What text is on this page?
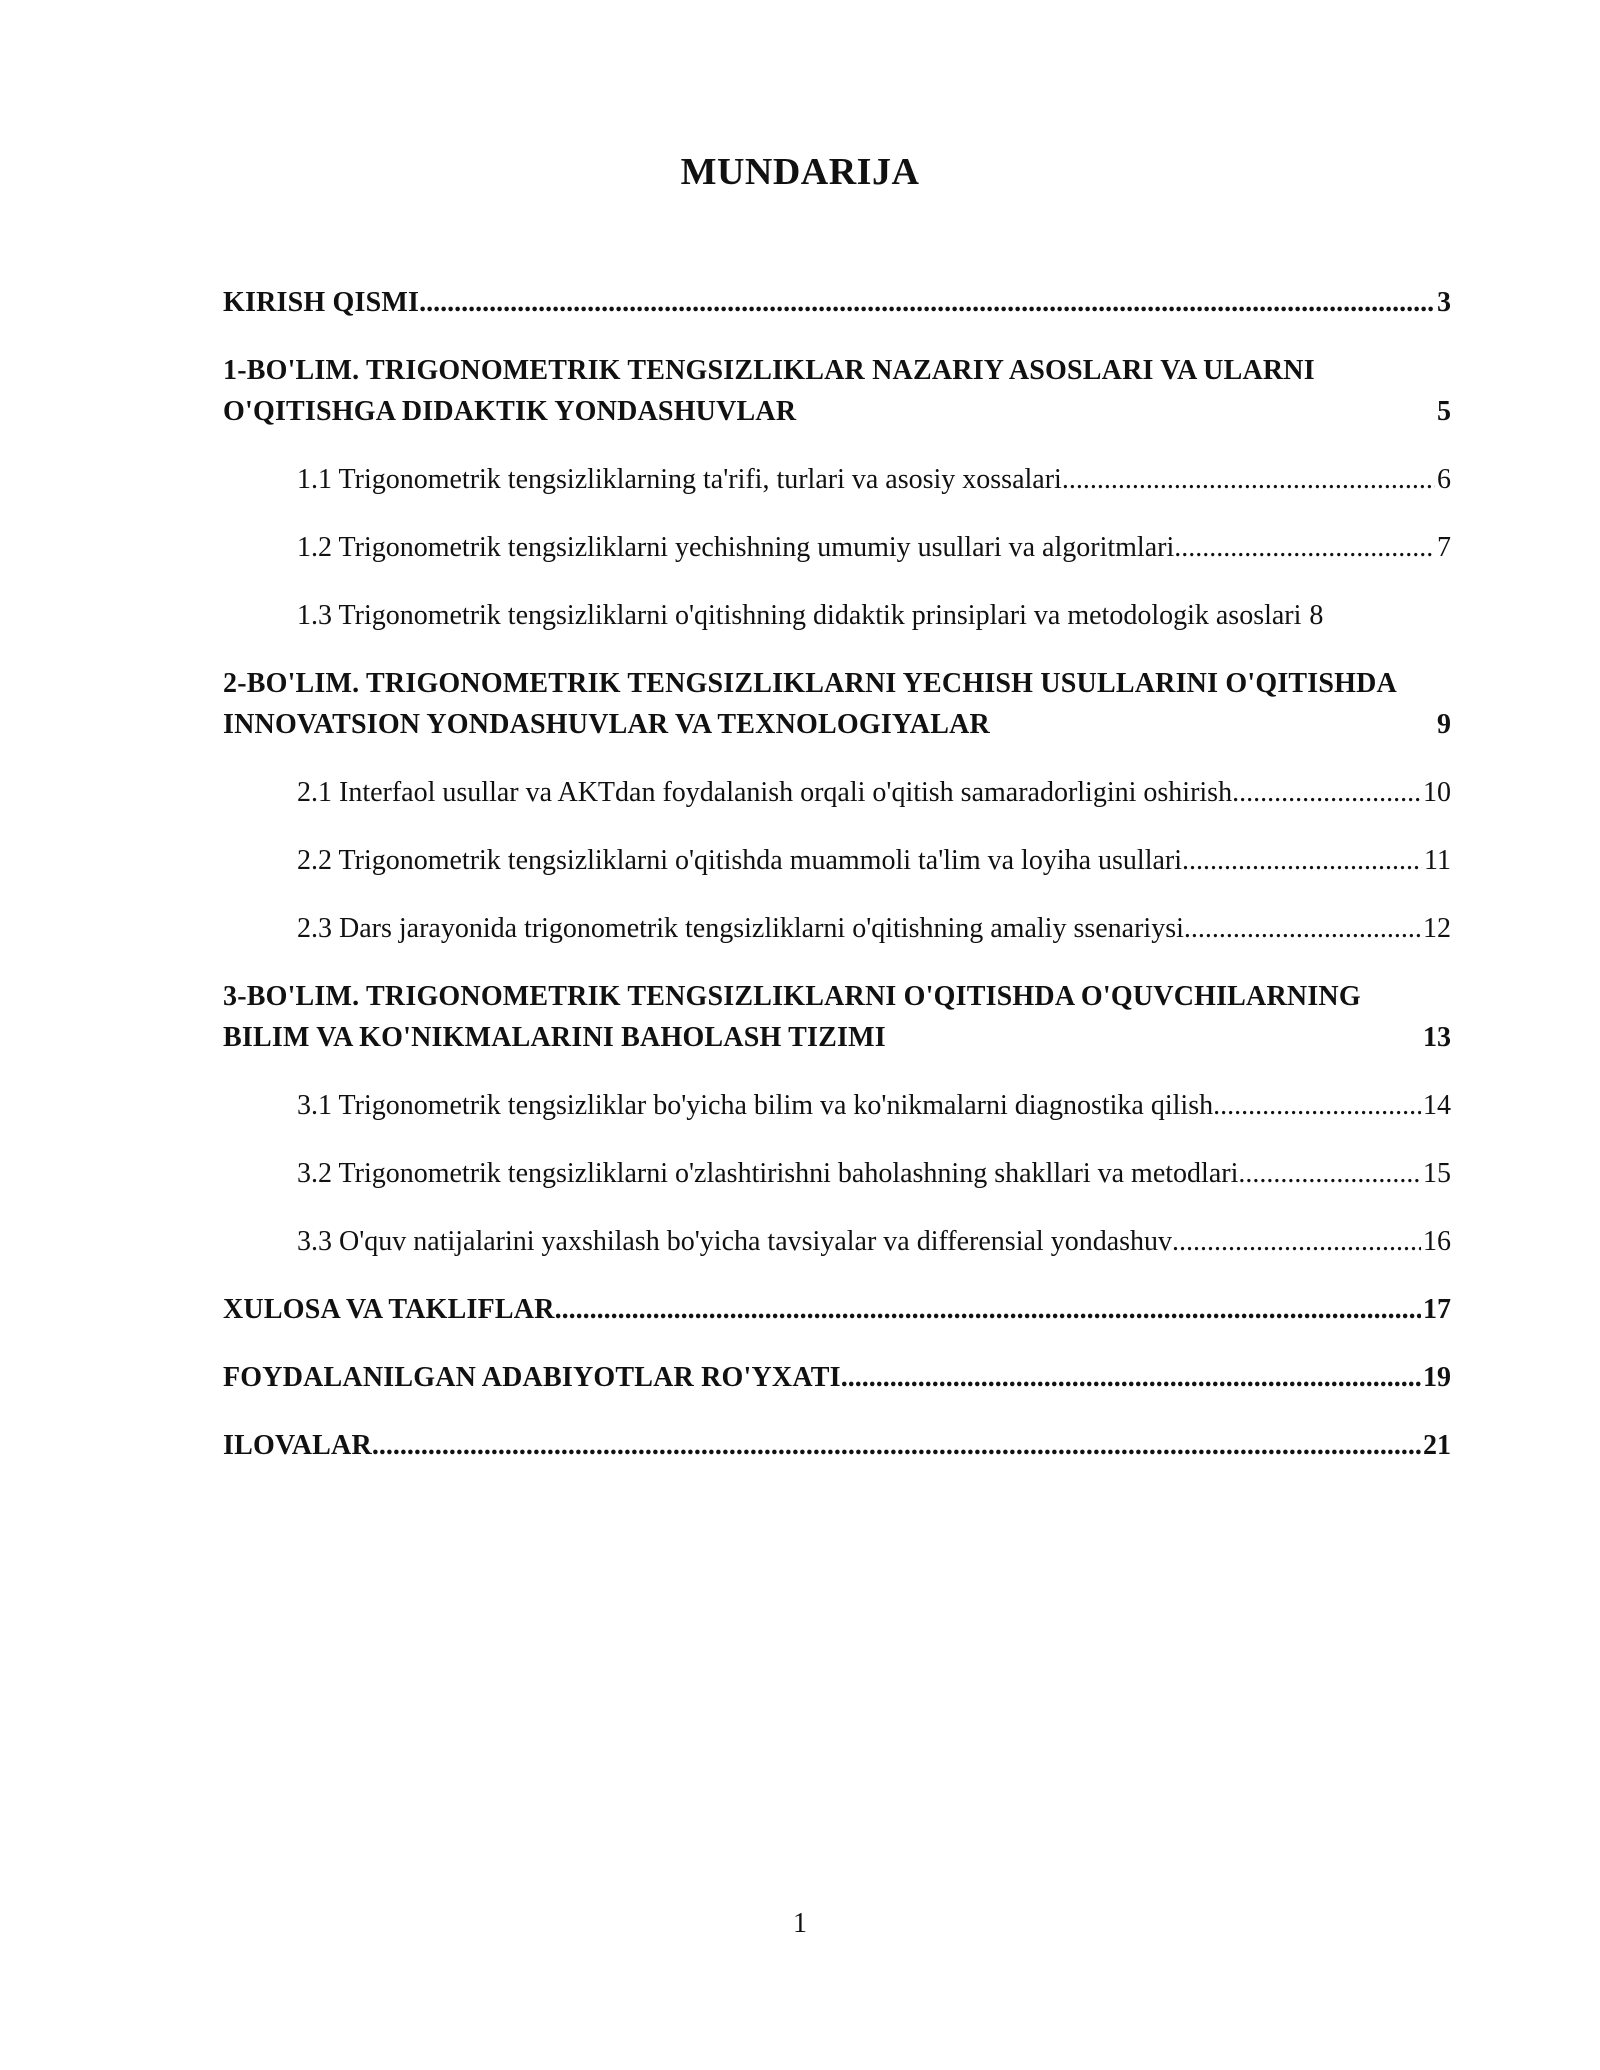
MUNDARIJA
KIRISH QISMI .....	3
1-BO'LIM. TRIGONOMETRIK TENGSIZLIKLAR NAZARIY ASOSLARI VA ULARNI O'QITISHGA DIDAKTIK YONDASHUVLAR	5
1.1 Trigonometrik tengsizliklarning ta'rifi, turlari va asosiy xossalari .....	6
1.2 Trigonometrik tengsizliklarni yechishning umumiy usullari va algoritmlari .....	7
1.3 Trigonometrik tengsizliklarni o'qitishning didaktik prinsiplari va metodologik asoslari 8
2-BO'LIM. TRIGONOMETRIK TENGSIZLIKLARNI YECHISH USULLARINI O'QITISHDA INNOVATSION YONDASHUVLAR VA TEXNOLOGIYALAR	9
2.1 Interfaol usullar va AKTdan foydalanish orqali o'qitish samaradorligini oshirish .....	10
2.2 Trigonometrik tengsizliklarni o'qitishda muammoli ta'lim va loyiha usullari .....	11
2.3 Dars jarayonida trigonometrik tengsizliklarni o'qitishning amaliy ssenariysi .....	12
3-BO'LIM. TRIGONOMETRIK TENGSIZLIKLARNI O'QITISHDA O'QUVCHILARNING BILIM VA KO'NIKMALARINI BAHOLASH TIZIMI	13
3.1 Trigonometrik tengsizliklar bo'yicha bilim va ko'nikmalarni diagnostika qilish .....	14
3.2 Trigonometrik tengsizliklarni o'zlashtirishni baholashning shakllari va metodlari .....	15
3.3 O'quv natijalarini yaxshilash bo'yicha tavsiyalar va differensial yondashuv .....	16
XULOSA VA TAKLIFLAR .....	17
FOYDALANILGAN ADABIYOTLAR RO'YXATI .....	19
ILOVALAR .....	21
1
